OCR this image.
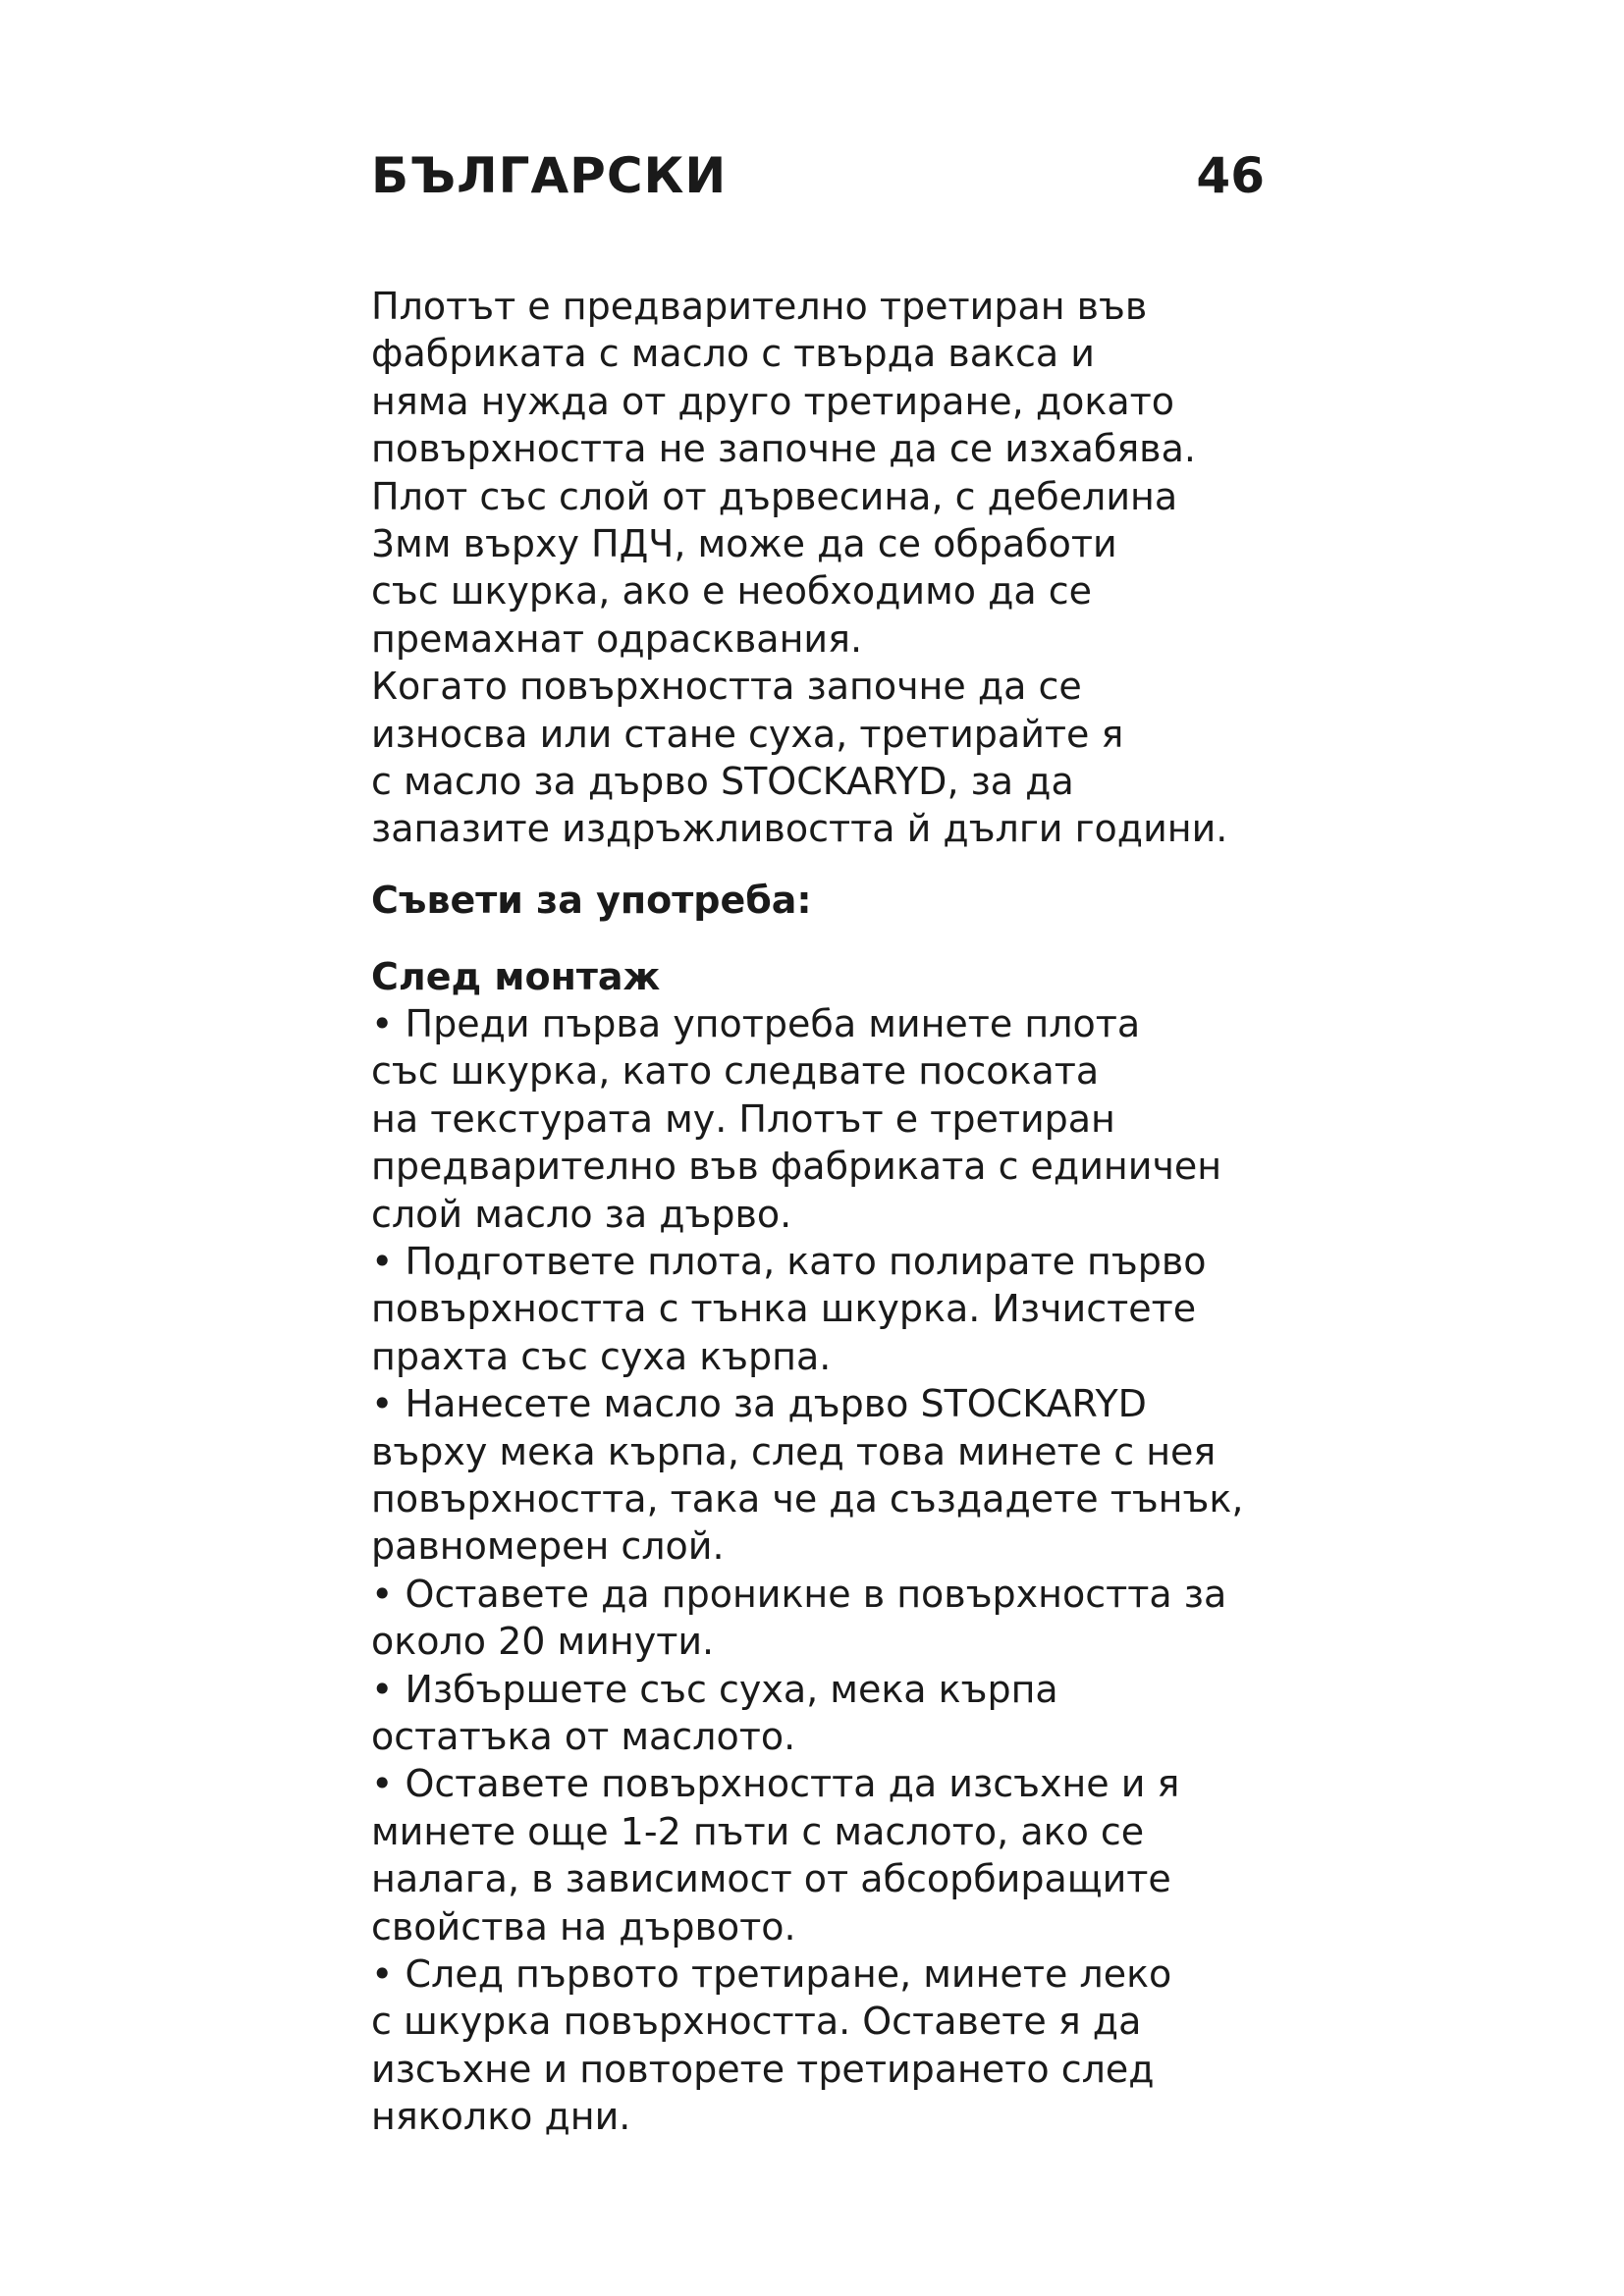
БЪЛГАРСКИ	46
Плотът е предварително третиран във
фабриката с масло с твърда вакса и
няма нужда от друго третиране, докато
повърхността не започне да се изхабява.
Плот със слой от дървесина, с дебелина
3мм върху ПДЧ, може да се обработи
със шкурка, ако е необходимо да се
премахнат одрасквания.
Когато повърхността започне да се
износва или стане суха, третирайте я
с масло за дърво STOCKARYD, за да
запазите издръжливостта й дълги години.
Съвети за употреба:
След монтаж
• Преди първа употреба минете плота
със шкурка, като следвате посоката
на текстурата му. Плотът е третиран
предварително във фабриката с единичен
слой масло за дърво.
• Подгответе плота, като полирате първо
повърхността с тънка шкурка. Изчистете
прахта със суха кърпа.
• Нанесете масло за дърво STOCKARYD
върху мека кърпа, след това минете с нея
повърхността, така че да създадете тънък,
равномерен слой.
• Оставете да проникне в повърхността за
около 20 минути.
• Избършете със суха, мека кърпа
остатъка от маслото.
• Оставете повърхността да изсъхне и я
минете още 1-2 пъти с маслото, ако се
налага, в зависимост от абсорбиращите
свойства на дървото.
• След първото третиране, минете леко
с шкурка повърхността. Оставете я да
изсъхне и повторете третирането след
няколко дни.
